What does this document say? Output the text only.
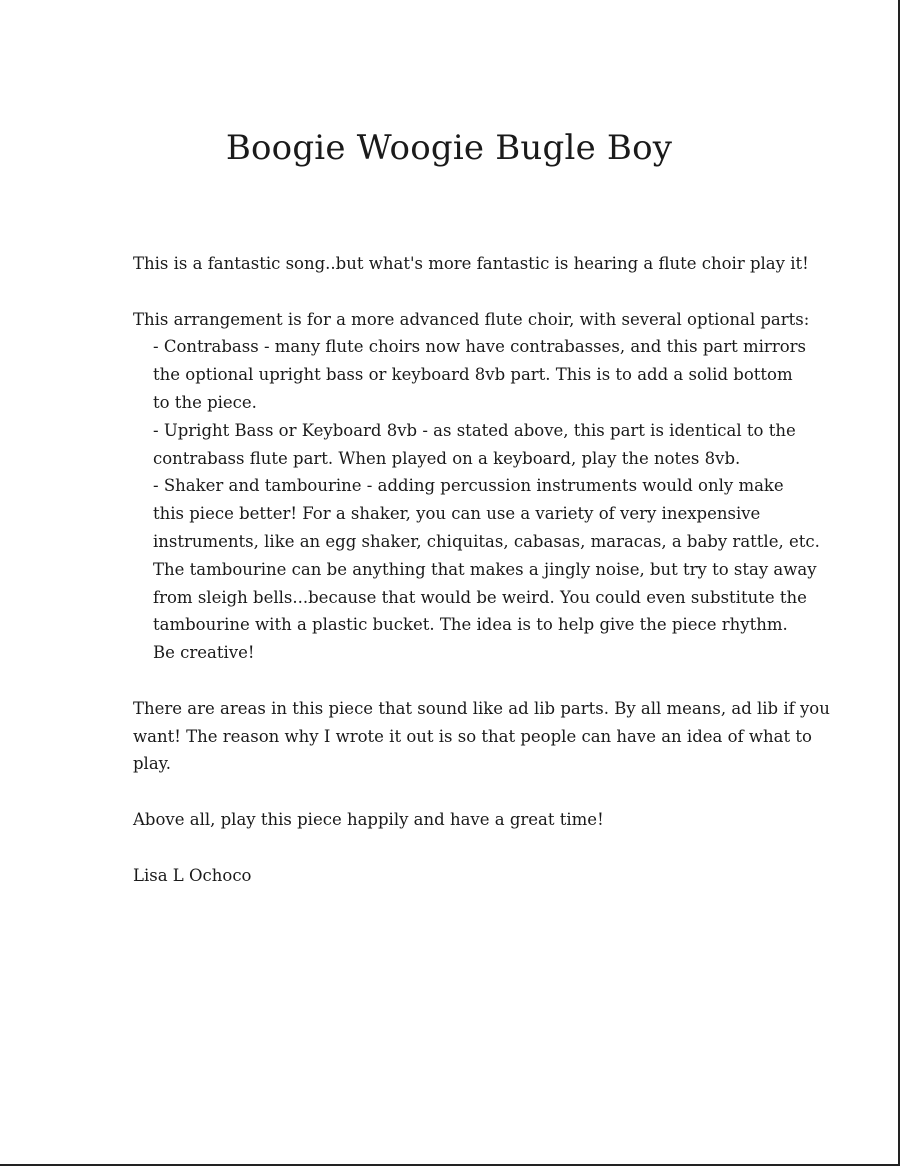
Boogie Woogie Bugle Boy

This is a fantastic song..but what's more fantastic is hearing a flute choir play it!

This arrangement is for a more advanced flute choir, with several optional parts:

- Contrabass - many flute choirs now have contrabasses, and this part mirrors

the optional upright bass or keyboard 8vb part. This is to add a solid bottom

to the piece.

- Upright Bass or Keyboard 8vb - as stated above, this part is identical to the

contrabass flute part. When played on a keyboard, play the notes 8vb.

- Shaker and tambourine - adding percussion instruments would only make

this piece better! For a shaker, you can use a variety of very inexpensive

instruments, like an egg shaker, chiquitas, cabasas, maracas, a baby rattle, etc.

The tambourine can be anything that makes a jingly noise, but try to stay away

from sleigh bells...because that would be weird. You could even substitute the

tambourine with a plastic bucket. The idea is to help give the piece rhythm.

Be creative!

There are areas in this piece that sound like ad lib parts. By all means, ad lib if you

want! The reason why I wrote it out is so that people can have an idea of what to

play.

Above all, play this piece happily and have a great time!

Lisa L Ochoco
